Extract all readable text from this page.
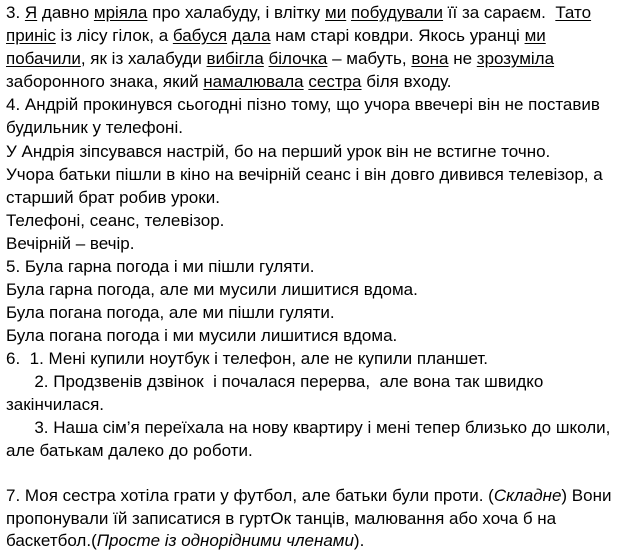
3. Я давно мріяла про халабуду, і влітку ми побудували її за сараєм.  Тато
приніс із лісу гілок, а бабуся дала нам старі ковдри. Якось уранці ми
побачили, як із халабуди вибігла білочка – мабуть, вона не зрозуміла
заборонного знака, який намалювала сестра біля входу.
4. Андрій прокинувся сьогодні пізно тому, що учора ввечері він не поставив
будильник у телефоні.
У Андрія зіпсувався настрій, бо на перший урок він не встигне точно.
Учора батьки пішли в кіно на вечірній сеанс і він довго дивився телевізор, а
старший брат робив уроки.
Телефоні, сеанс, телевізор.
Вечірній – вечір.
5. Була гарна погода і ми пішли гуляти.
Була гарна погода, але ми мусили лишитися вдома.
Була погана погода, але ми пішли гуляти.
Була погана погода і ми мусили лишитися вдома.
6.  1. Мені купили ноутбук і телефон, але не купили планшет.
2. Продзвенів дзвінок  і почалася перерва,  але вона так швидко
закінчилася.
3. Наша сім’я переїхала на нову квартиру і мені тепер близько до школи,
але батькам далеко до роботи.
7. Моя сестра хотіла грати у футбол, але батьки були проти. (Складне) Вони
пропонували їй записатися в гуртОк танців, малювання або хоча б на
баскетбол.(Просте із однорідними членами).
